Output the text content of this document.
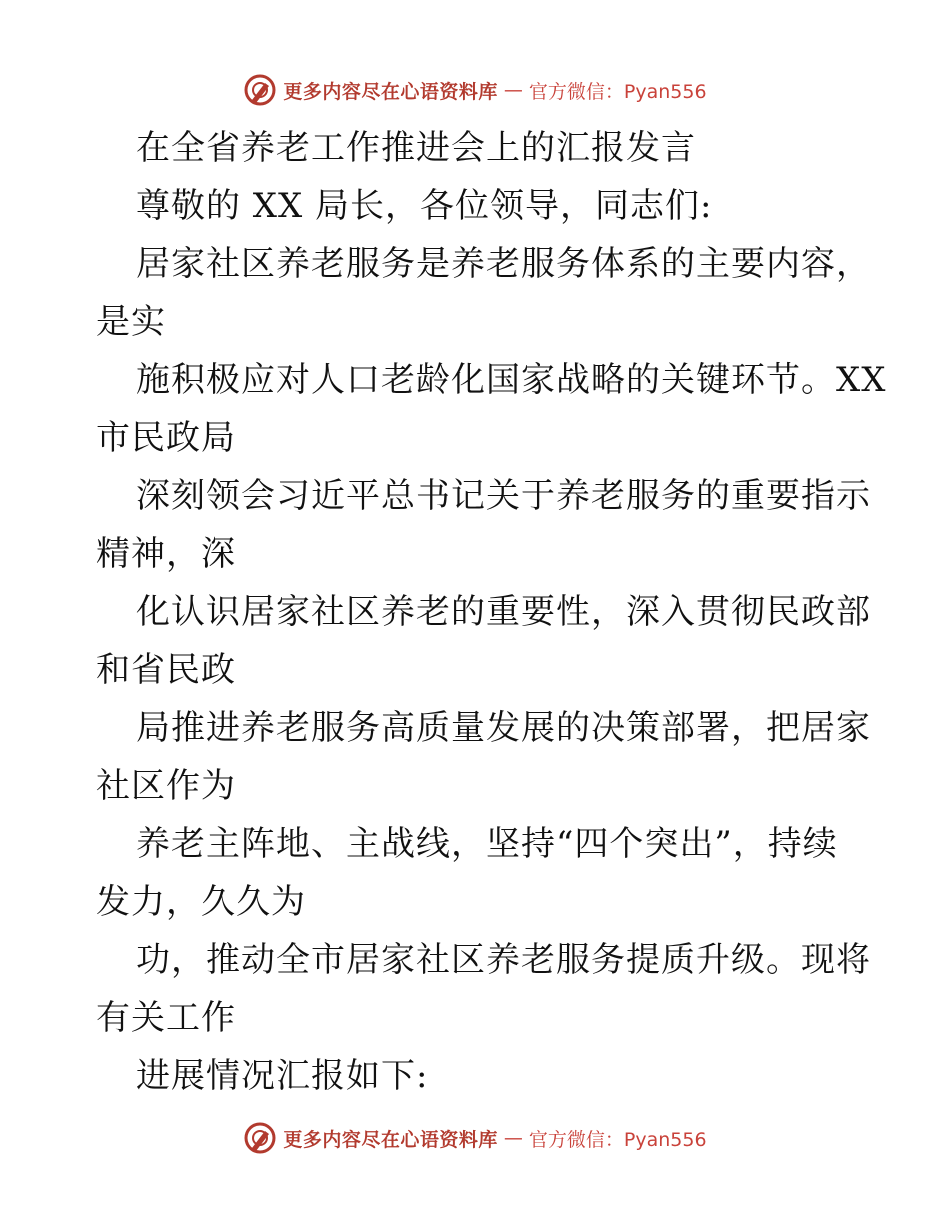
更多内容尽在心语资料库 — 官方微信：Pyan556
在全省养老工作推进会上的汇报发言
尊敬的 XX 局长，各位领导，同志们:
居家社区养老服务是养老服务体系的主要内容，
是实
施积极应对人口老龄化国家战略的关键环节。XX
市民政局
深刻领会习近平总书记关于养老服务的重要指示
精神，深
化认识居家社区养老的重要性，深入贯彻民政部
和省民政
局推进养老服务高质量发展的决策部署，把居家
社区作为
养老主阵地、主战线，坚持“四个突出”，持续
发力，久久为
功，推动全市居家社区养老服务提质升级。现将
有关工作
进展情况汇报如下:
更多内容尽在心语资料库 — 官方微信：Pyan556
